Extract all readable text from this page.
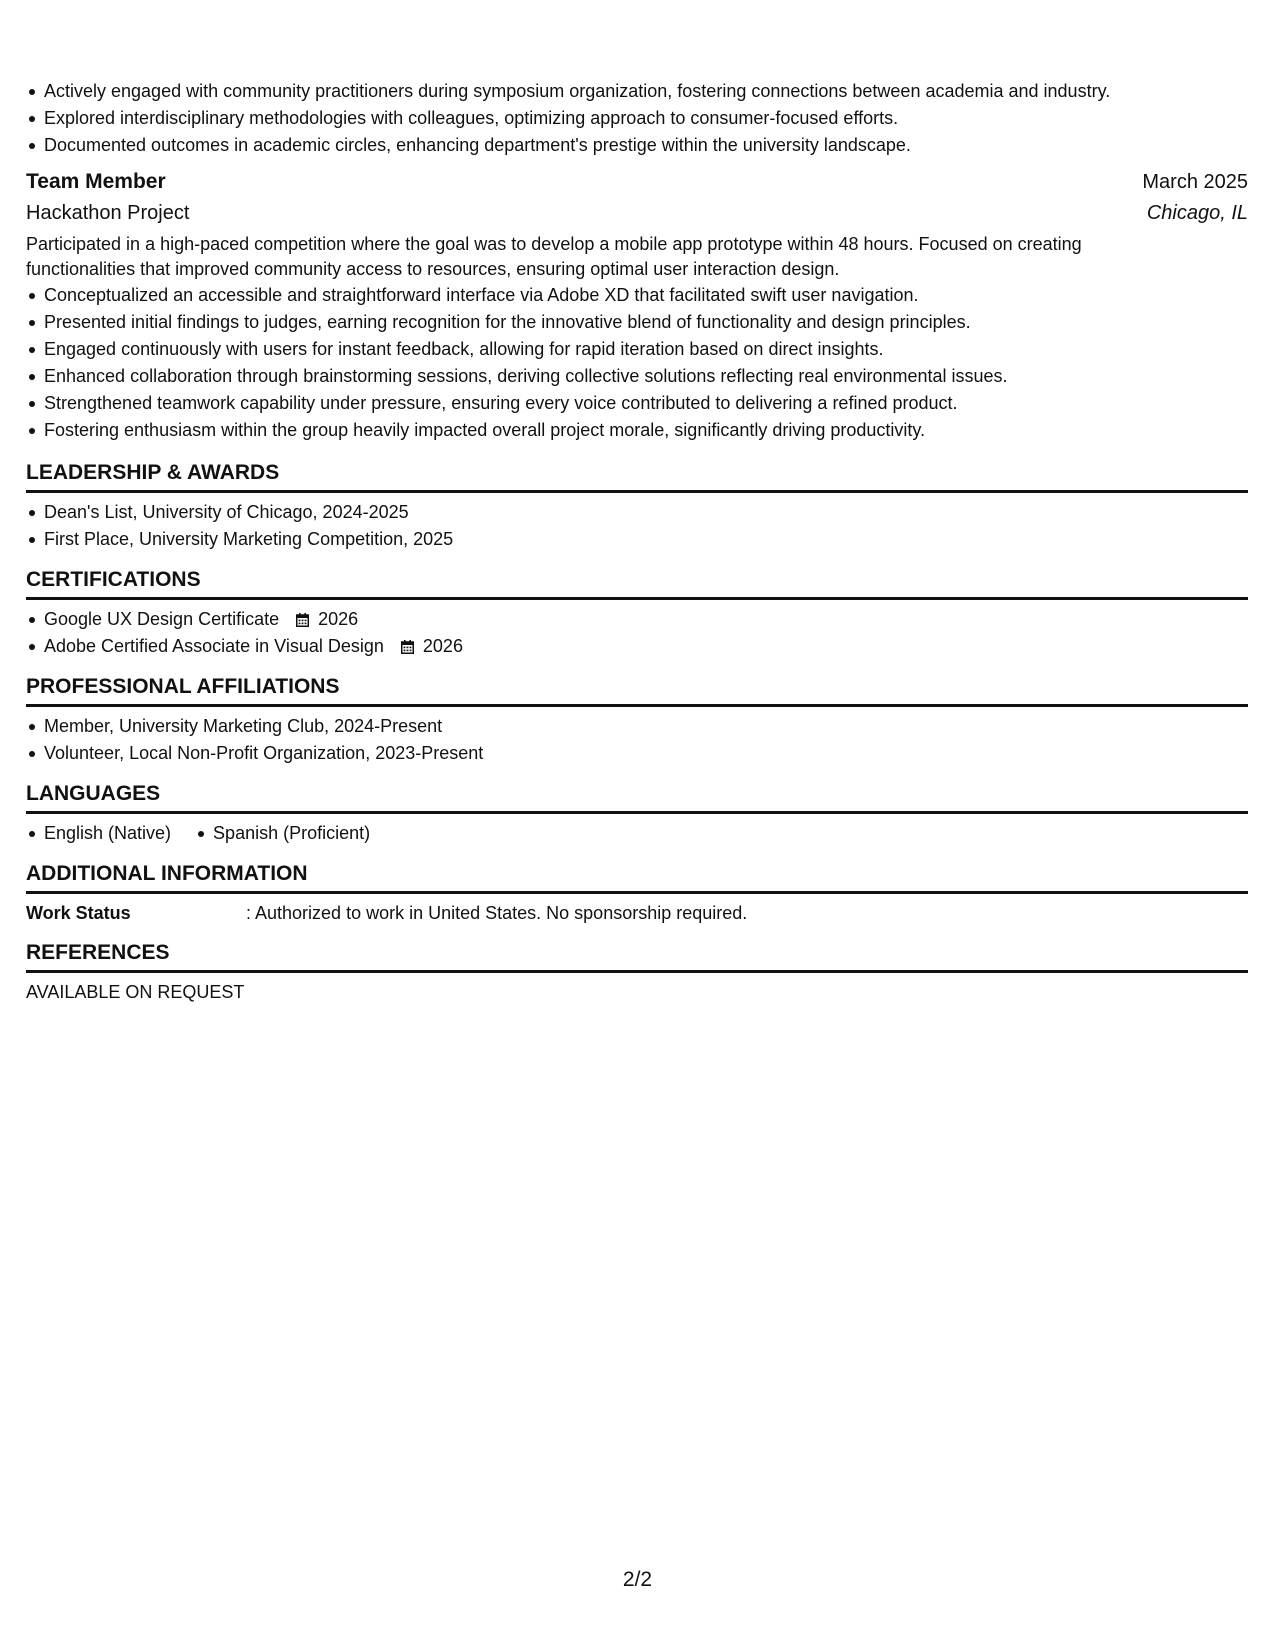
Actively engaged with community practitioners during symposium organization, fostering connections between academia and industry.
Explored interdisciplinary methodologies with colleagues, optimizing approach to consumer-focused efforts.
Documented outcomes in academic circles, enhancing department's prestige within the university landscape.
Team Member	March 2025
Hackathon Project	Chicago, IL

Participated in a high-paced competition where the goal was to develop a mobile app prototype within 48 hours. Focused on creating functionalities that improved community access to resources, ensuring optimal user interaction design.

Conceptualized an accessible and straightforward interface via Adobe XD that facilitated swift user navigation.
Presented initial findings to judges, earning recognition for the innovative blend of functionality and design principles.
Engaged continuously with users for instant feedback, allowing for rapid iteration based on direct insights.
Enhanced collaboration through brainstorming sessions, deriving collective solutions reflecting real environmental issues.
Strengthened teamwork capability under pressure, ensuring every voice contributed to delivering a refined product.
Fostering enthusiasm within the group heavily impacted overall project morale, significantly driving productivity.
LEADERSHIP & AWARDS
Dean's List, University of Chicago, 2024-2025
First Place, University Marketing Competition, 2025
CERTIFICATIONS
Google UX Design Certificate 2026
Adobe Certified Associate in Visual Design 2026
PROFESSIONAL AFFILIATIONS
Member, University Marketing Club, 2024-Present
Volunteer, Local Non-Profit Organization, 2023-Present
LANGUAGES
English (Native)	Spanish (Proficient)
ADDITIONAL INFORMATION
Work Status	: Authorized to work in United States. No sponsorship required.
REFERENCES
AVAILABLE ON REQUEST
2/2
